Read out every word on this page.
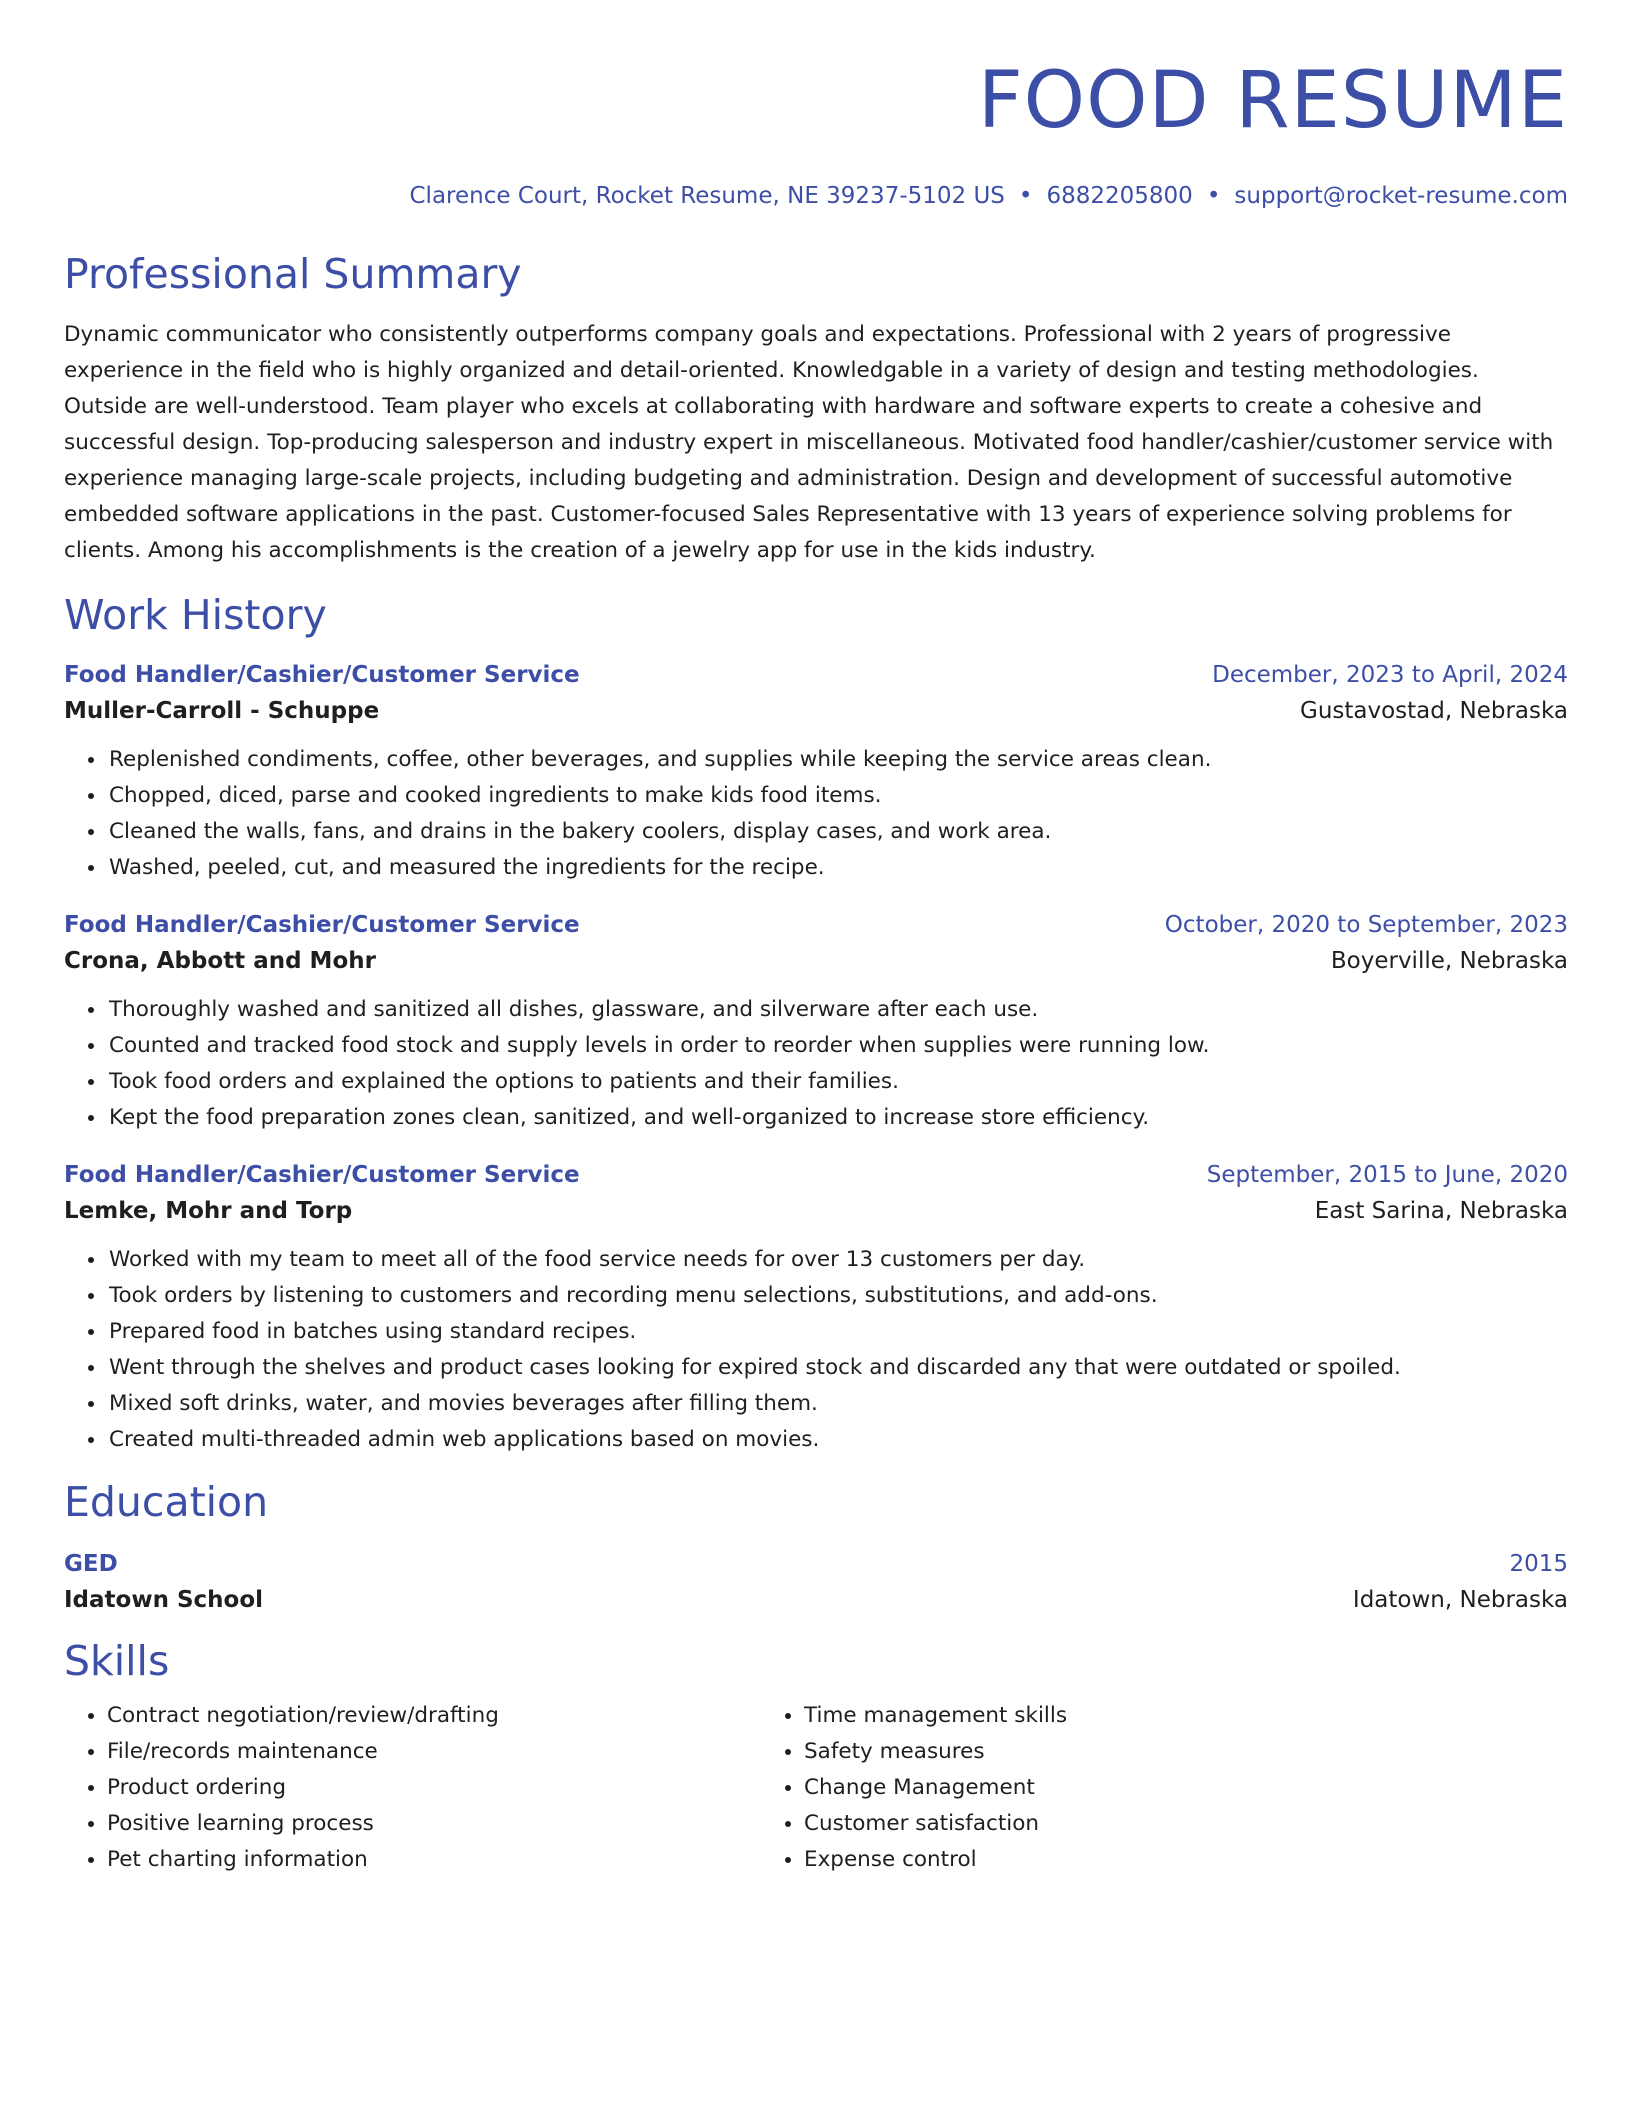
FOOD RESUME
Clarence Court, Rocket Resume, NE 39237-5102 US • 6882205800 • support@rocket-resume.com
Professional Summary
Dynamic communicator who consistently outperforms company goals and expectations. Professional with 2 years of progressive experience in the field who is highly organized and detail-oriented. Knowledgable in a variety of design and testing methodologies. Outside are well-understood. Team player who excels at collaborating with hardware and software experts to create a cohesive and successful design. Top-producing salesperson and industry expert in miscellaneous. Motivated food handler/cashier/customer service with experience managing large-scale projects, including budgeting and administration. Design and development of successful automotive embedded software applications in the past. Customer-focused Sales Representative with 13 years of experience solving problems for clients. Among his accomplishments is the creation of a jewelry app for use in the kids industry.
Work History
Food Handler/Cashier/Customer Service	December, 2023 to April, 2024
Muller-Carroll - Schuppe	Gustavostad, Nebraska
• Replenished condiments, coffee, other beverages, and supplies while keeping the service areas clean.
• Chopped, diced, parse and cooked ingredients to make kids food items.
• Cleaned the walls, fans, and drains in the bakery coolers, display cases, and work area.
• Washed, peeled, cut, and measured the ingredients for the recipe.
Food Handler/Cashier/Customer Service	October, 2020 to September, 2023
Crona, Abbott and Mohr	Boyerville, Nebraska
• Thoroughly washed and sanitized all dishes, glassware, and silverware after each use.
• Counted and tracked food stock and supply levels in order to reorder when supplies were running low.
• Took food orders and explained the options to patients and their families.
• Kept the food preparation zones clean, sanitized, and well-organized to increase store efficiency.
Food Handler/Cashier/Customer Service	September, 2015 to June, 2020
Lemke, Mohr and Torp	East Sarina, Nebraska
• Worked with my team to meet all of the food service needs for over 13 customers per day.
• Took orders by listening to customers and recording menu selections, substitutions, and add-ons.
• Prepared food in batches using standard recipes.
• Went through the shelves and product cases looking for expired stock and discarded any that were outdated or spoiled.
• Mixed soft drinks, water, and movies beverages after filling them.
• Created multi-threaded admin web applications based on movies.
Education
GED	2015
Idatown School	Idatown, Nebraska
Skills
• Contract negotiation/review/drafting
• File/records maintenance
• Product ordering
• Positive learning process
• Pet charting information
• Time management skills
• Safety measures
• Change Management
• Customer satisfaction
• Expense control
